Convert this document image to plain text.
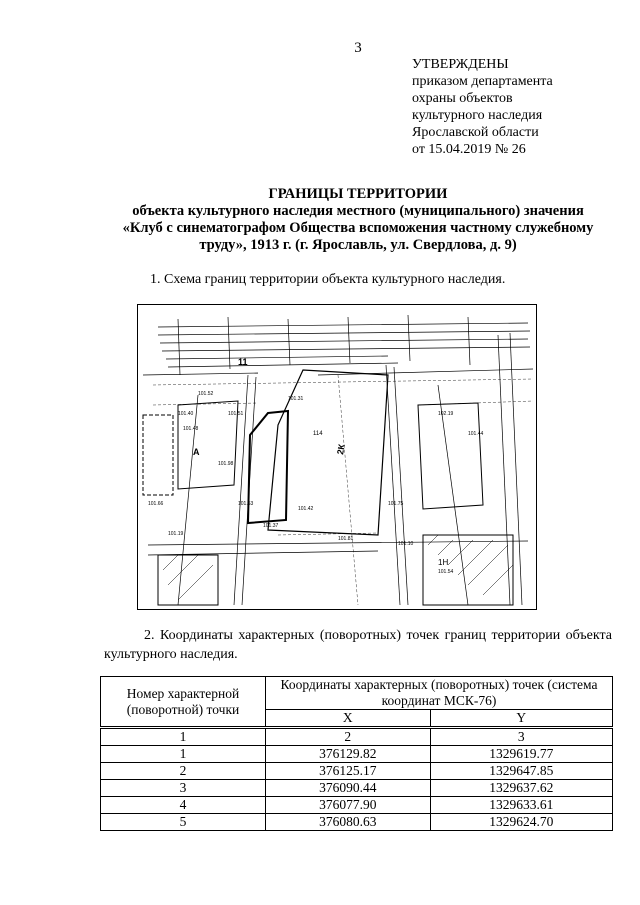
3
УТВЕРЖДЕНЫ
приказом департамента
охраны объектов
культурного наследия
Ярославской области
от 15.04.2019 № 26
ГРАНИЦЫ ТЕРРИТОРИИ
объекта культурного наследия местного (муниципального) значения
«Клуб с синематографом Общества вспоможения частному служебному
труду», 1913 г. (г. Ярославль, ул. Свердлова, д. 9)
1. Схема границ территории объекта культурного наследия.
11
2К
А
1Н
101.37
101.81
101.40
101.48
101.98
101.10
102.19
101.19
101.54
101.44
101.51
101.53
101.66
101.52
101.31
101.42
101.75
114
2. Координаты характерных (поворотных) точек границ территории объекта культурного наследия.
Номер характерной (поворотной) точки	Координаты характерных (поворотных) точек (система координат МСК-76)	
	X	Y
1	2	3
1	376129.82	1329619.77
2	376125.17	1329647.85
3	376090.44	1329637.62
4	376077.90	1329633.61
5	376080.63	1329624.70
